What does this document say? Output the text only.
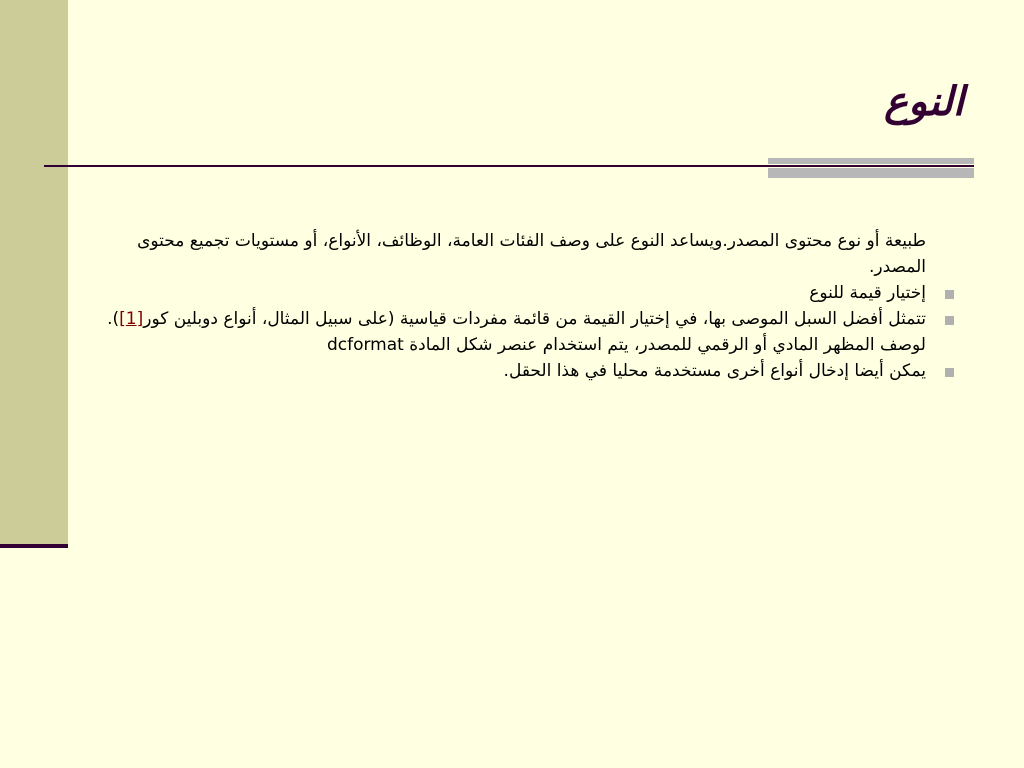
النوع
طبيعة أو نوع محتوى المصدر.ويساعد النوع على وصف الفئات العامة، الوظائف، الأنواع، أو مستويات تجميع محتوى المصدر.
إختيار قيمة للنوع
تتمثل أفضل السبل الموصى بها، في إختيار القيمة من قائمة مفردات قياسية (على سبيل المثال، أنواع دوبلين كور[1]). لوصف المظهر المادي أو الرقمي للمصدر، يتم استخدام عنصر شكل المادة dcformat
يمكن أيضا إدخال أنواع أخرى مستخدمة محليا في هذا الحقل.
